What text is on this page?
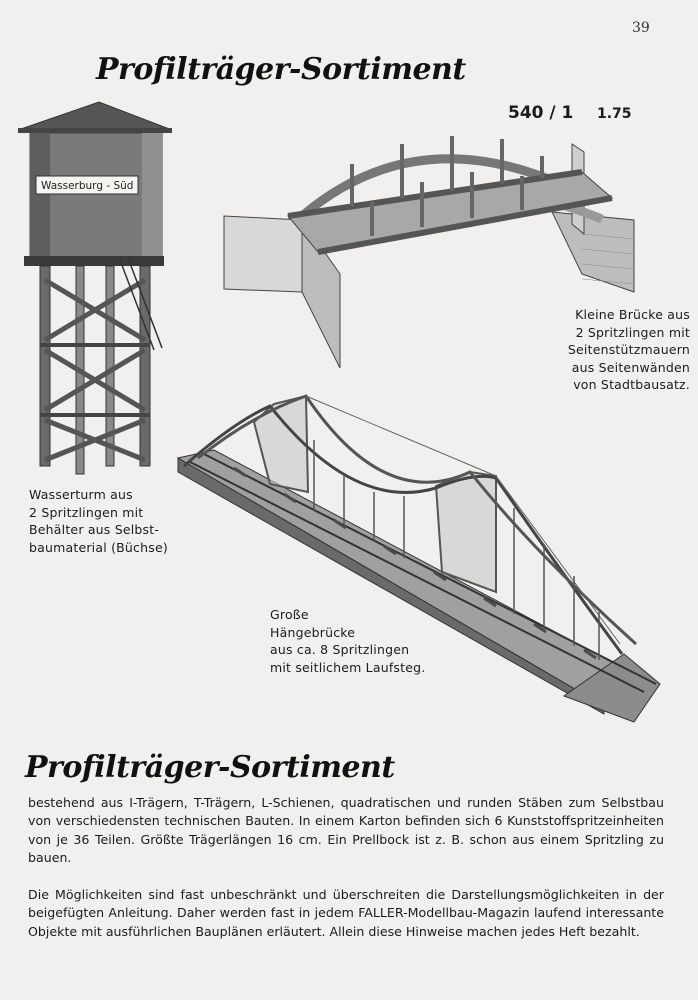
39
Profilträger-Sortiment
540 / 1 1.75
Wasserburg - Süd
Wasserturm aus
2 Spritzlingen mit
Behälter aus Selbst-
baumaterial (Büchse)
Kleine Brücke aus
2 Spritzlingen mit
Seitenstützmauern
aus Seitenwänden
von Stadtbausatz.
Große
Hängebrücke
aus ca. 8 Spritzlingen
mit seitlichem Laufsteg.
Profilträger-Sortiment

bestehend aus I-Trägern, T-Trägern, L-Schienen, quadratischen und runden Stäben zum Selbstbau von verschiedensten technischen Bauten. In einem Karton befinden sich 6 Kunststoffspritzeinheiten von je 36 Teilen. Größte Trägerlängen 16 cm. Ein Prellbock ist z. B. schon aus einem Spritzling zu bauen.

Die Möglichkeiten sind fast unbeschränkt und überschreiten die Darstellungsmöglichkeiten in der beigefügten Anleitung. Daher werden fast in jedem FALLER-Modellbau-Magazin laufend interessante Objekte mit ausführlichen Bauplänen erläutert. Allein diese Hinweise machen jedes Heft bezahlt.
